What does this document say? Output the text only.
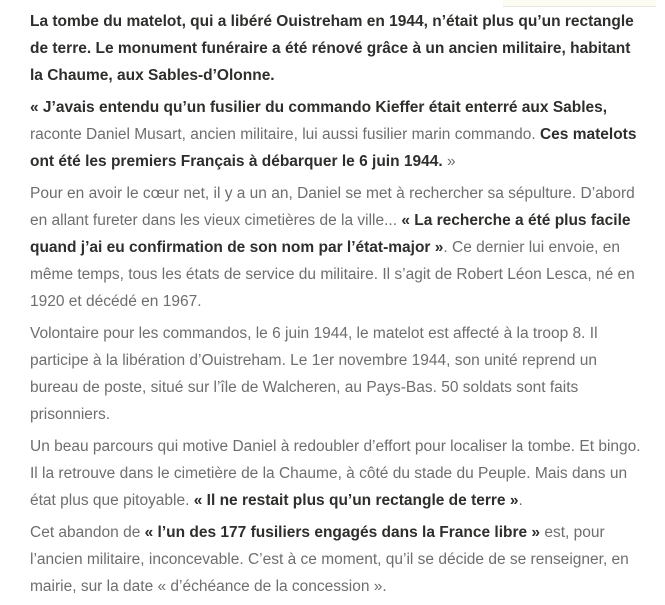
La tombe du matelot, qui a libéré Ouistreham en 1944, n’était plus qu’un rectangle de terre. Le monument funéraire a été rénové grâce à un ancien militaire, habitant la Chaume, aux Sables-d’Olonne.

« J’avais entendu qu’un fusilier du commando Kieffer était enterré aux Sables, raconte Daniel Musart, ancien militaire, lui aussi fusilier marin commando. Ces matelots ont été les premiers Français à débarquer le 6 juin 1944. »

Pour en avoir le cœur net, il y a un an, Daniel se met à rechercher sa sépulture. D’abord en allant fureter dans les vieux cimetières de la ville... « La recherche a été plus facile quand j’ai eu confirmation de son nom par l’état-major ». Ce dernier lui envoie, en même temps, tous les états de service du militaire. Il s’agit de Robert Léon Lesca, né en 1920 et décédé en 1967.

Volontaire pour les commandos, le 6 juin 1944, le matelot est affecté à la troop 8. Il participe à la libération d’Ouistreham. Le 1er novembre 1944, son unité reprend un bureau de poste, situé sur l’île de Walcheren, au Pays-Bas. 50 soldats sont faits prisonniers.

Un beau parcours qui motive Daniel à redoubler d’effort pour localiser la tombe. Et bingo. Il la retrouve dans le cimetière de la Chaume, à côté du stade du Peuple. Mais dans un état plus que pitoyable. « Il ne restait plus qu’un rectangle de terre ».

Cet abandon de « l’un des 177 fusiliers engagés dans la France libre » est, pour l’ancien militaire, inconcevable. C’est à ce moment, qu’il se décide de se renseigner, en mairie, sur la date « d’échéance de la concession ».
